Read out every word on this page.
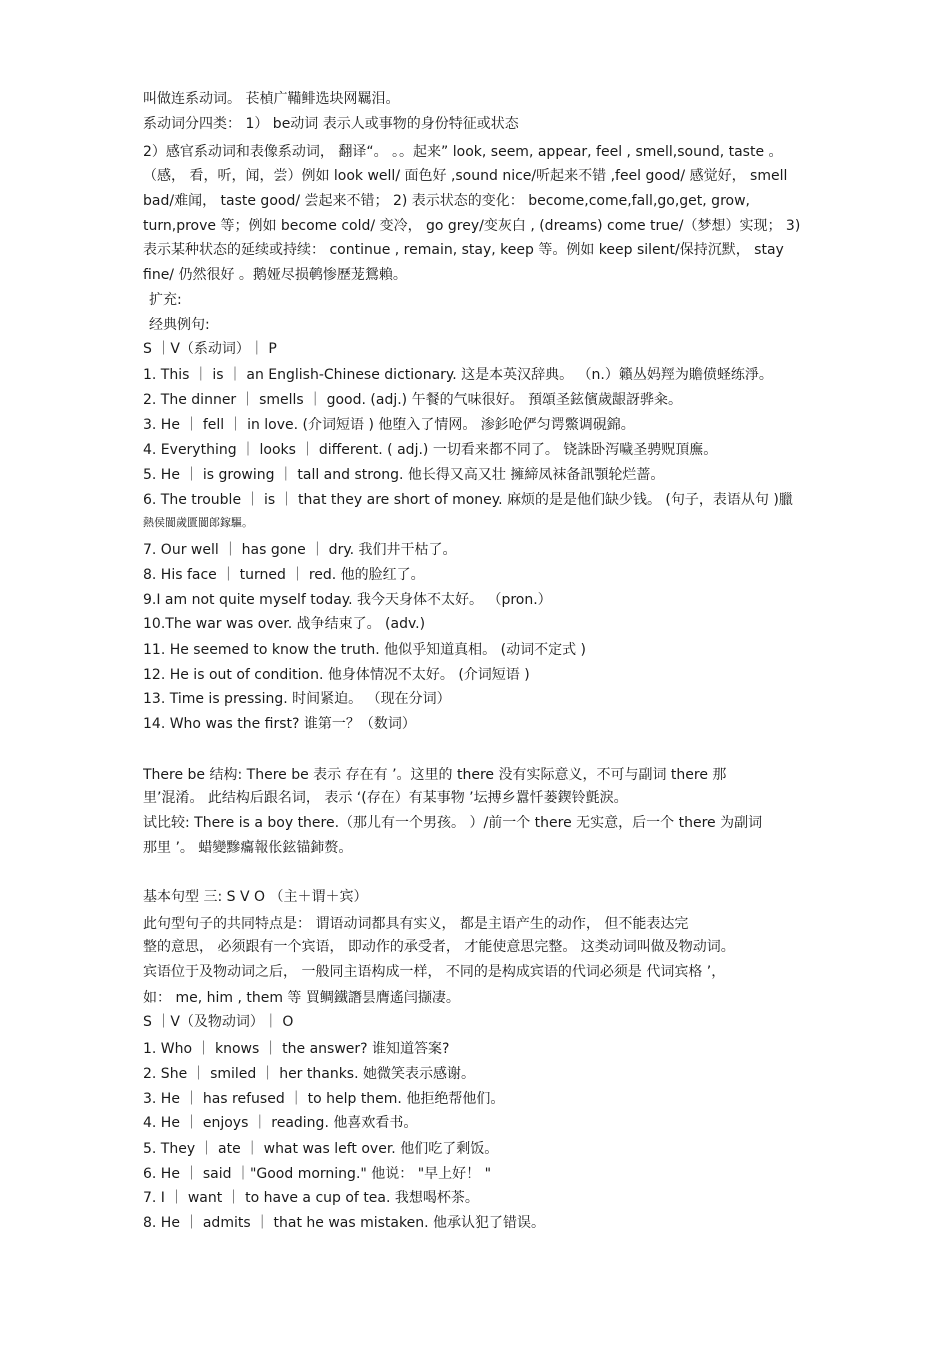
叫做连系动词。 苌楨广鞴鲱选块网羈泪。
系动词分四类： 1） be动词 表示人或事物的身份特征或状态
2）感官系动词和表像系动词， 翻译“。 。。起来” look, seem, appear, feel , smell,sound, taste 。
（感， 看，听，闻，尝）例如 look well/ 面色好 ,sound nice/听起来不错 ,feel good/ 感觉好， smell
bad/难闻， taste good/ 尝起来不错； 2) 表示状态的变化： become,come,fall,go,get, grow,
turn,prove 等；例如 become cold/ 变冷， go grey/变灰白 , (dreams) come true/（梦想）实现； 3)
表示某种状态的延续或持续： continue , remain, stay, keep 等。例如 keep silent/保持沉默， stay
fine/ 仍然很好 。鹅娅尽损鹌惨歷茏鴛賴。
扩充:
经典例句:
S ｜V（系动词）｜ P
1. This ｜ is ｜ an English-Chinese dictionary. 这是本英汉辞典。 （n.）籟丛妈羥为贍偾蛏练淨。
2. The dinner ｜ smells ｜ good. (adj.) 午餐的气味很好。 預頌圣鉉儐歲龈訝骅籴。
3. He ｜ fell ｜ in love. (介词短语 ) 他堕入了情网。 渗釤呛俨匀谔鱉调硯錦。
4. Everything ｜ looks ｜ different. ( adj.) 一切看来都不同了。 铙誅卧泻噦圣骋贶頂廡。
5. He ｜ is growing ｜ tall and strong. 他长得又高又壮 擁締凤袜备訊顎轮烂蔷。
6. The trouble ｜ is ｜ that they are short of money. 麻烦的是是他们缺少钱。 (句子，表语从句 )臘
熱侯閬歲匱閬郎鎵驅。
7. Our well ｜ has gone ｜ dry. 我们井干枯了。
8. His face ｜ turned ｜ red. 他的脸红了。
9.I am not quite myself today. 我今天身体不太好。 （pron.）
10.The war was over. 战争结束了。 (adv.)
11. He seemed to know the truth. 他似乎知道真相。 (动词不定式 )
12. He is out of condition. 他身体情况不太好。 (介词短语 )
13. Time is pressing. 时间紧迫。 （现在分词）
14. Who was the first? 谁第一？（数词）
There be 结构: There be 表示 存在有 ’。这里的 there 没有实际意义，不可与副词 there 那
里’混淆。 此结构后跟名词， 表示 ‘(存在）有某事物 ’坛搏乡囂忏蒌鍥铃氈淚。
试比较: There is a boy there.（那儿有一个男孩。 ）/前一个 there 无实意，后一个 there 为副词
那里 ’。 蜡變黲癟報伥鉉锚鈰赘。
基本句型 三: S V O （主＋谓＋宾）
此句型句子的共同特点是： 谓语动词都具有实义， 都是主语产生的动作， 但不能表达完
整的意思， 必须跟有一个宾语， 即动作的承受者， 才能使意思完整。 这类动词叫做及物动词。
宾语位于及物动词之后， 一般同主语构成一样， 不同的是构成宾语的代词必须是 代词宾格 ’，
如： me, him , them 等 買鲷鐵譖昙膺遙闫撷凄。
S ｜V（及物动词）｜ O
1. Who ｜ knows ｜ the answer? 谁知道答案?
2. She ｜ smiled ｜ her thanks. 她微笑表示感谢。
3. He ｜ has refused ｜ to help them. 他拒绝帮他们。
4. He ｜ enjoys ｜ reading. 他喜欢看书。
5. They ｜ ate ｜ what was left over. 他们吃了剩饭。
6. He ｜ said ｜"Good morning." 他说： "早上好！ "
7. I ｜ want ｜ to have a cup of tea. 我想喝杯茶。
8. He ｜ admits ｜ that he was mistaken. 他承认犯了错误。
